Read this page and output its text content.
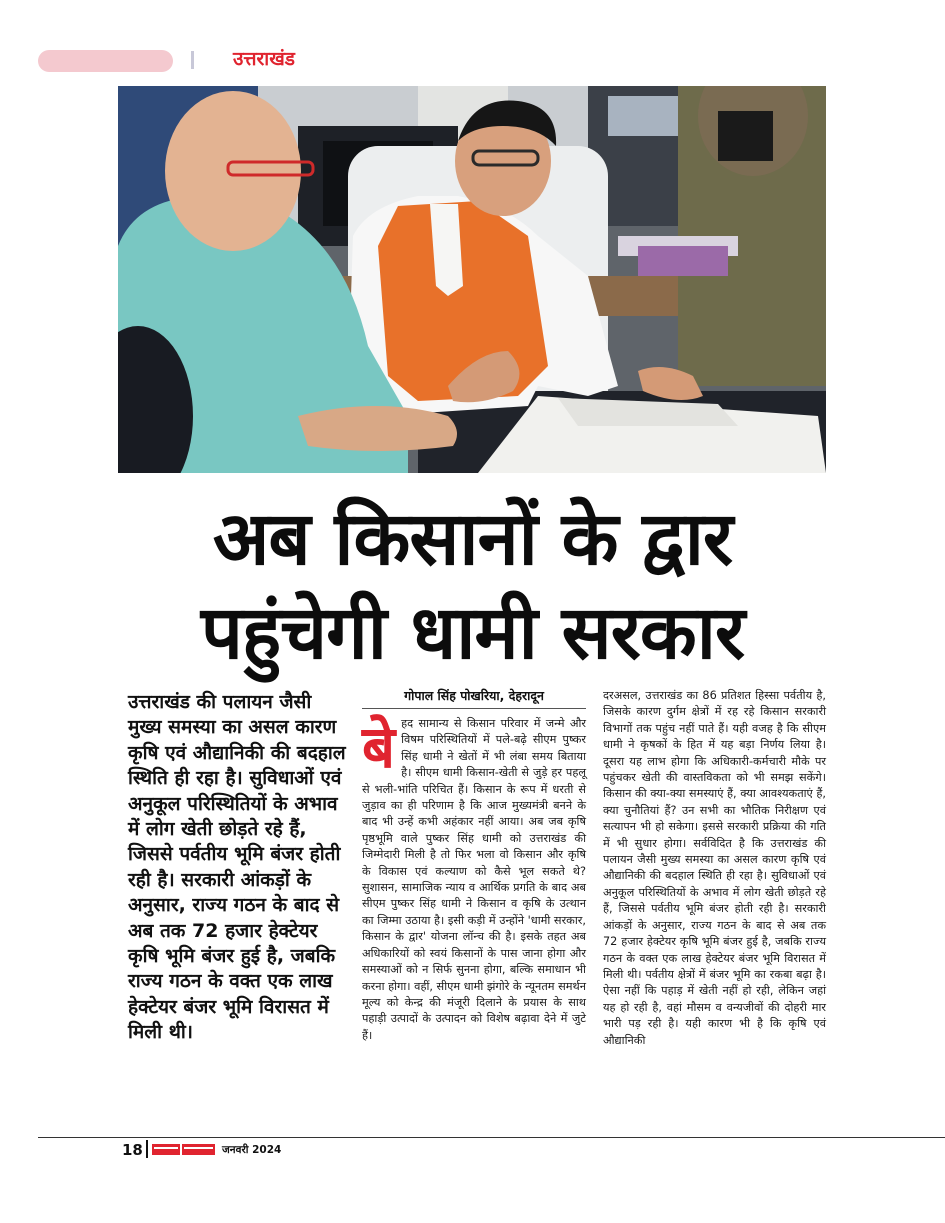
उत्तराखंड
अब किसानों के द्वार
पहुंचेगी धामी सरकार
उत्तराखंड की पलायन जैसी मुख्य समस्या का असल कारण कृषि एवं औद्यानिकी की बदहाल स्थिति ही रहा है। सुविधाओं एवं अनुकूल परिस्थितियों के अभाव में लोग खेती छोड़ते रहे हैं, जिससे पर्वतीय भूमि बंजर होती रही है। सरकारी आंकड़ों के अनुसार, राज्य गठन के बाद से अब तक 72 हजार हेक्टेयर कृषि भूमि बंजर हुई है, जबकि राज्य गठन के वक्त एक लाख हेक्टेयर बंजर भूमि विरासत में मिली थी।
गोपाल सिंह पोखरिया, देहरादून
बे हद सामान्य से किसान परिवार में जन्मे और विषम परिस्थितियों में पले-बढ़े सीएम पुष्कर सिंह धामी ने खेतों में भी लंबा समय बिताया है। सीएम धामी किसान-खेती से जुड़े हर पहलू से भली-भांति परिचित हैं। किसान के रूप में धरती से जुड़ाव का ही परिणाम है कि आज मुख्यमंत्री बनने के बाद भी उन्हें कभी अहंकार नहीं आया। अब जब कृषि पृष्ठभूमि वाले पुष्कर सिंह धामी को उत्तराखंड की जिम्मेदारी मिली है तो फिर भला वो किसान और कृषि के विकास एवं कल्याण को कैसे भूल सकते थे? सुशासन, सामाजिक न्याय व आर्थिक प्रगति के बाद अब सीएम पुष्कर सिंह धामी ने किसान व कृषि के उत्थान का जिम्मा उठाया है। इसी कड़ी में उन्होंने 'धामी सरकार, किसान के द्वार' योजना लॉन्च की है। इसके तहत अब अधिकारियों को स्वयं किसानों के पास जाना होगा और समस्याओं को न सिर्फ सुनना होगा, बल्कि समाधान भी करना होगा। वहीं, सीएम धामी झंगोरे के न्यूनतम समर्थन मूल्य को केन्द्र की मंजूरी दिलाने के प्रयास के साथ पहाड़ी उत्पादों के उत्पादन को विशेष बढ़ावा देने में जुटे हैं।
दरअसल, उत्तराखंड का 86 प्रतिशत हिस्सा पर्वतीय है, जिसके कारण दुर्गम क्षेत्रों में रह रहे किसान सरकारी विभागों तक पहुंच नहीं पाते हैं। यही वजह है कि सीएम धामी ने कृषकों के हित में यह बड़ा निर्णय लिया है। दूसरा यह लाभ होगा कि अधिकारी-कर्मचारी मौके पर पहुंचकर खेती की वास्तविकता को भी समझ सकेंगे। किसान की क्या-क्या समस्याएं हैं, क्या आवश्यकताएं हैं, क्या चुनौतियां हैं? उन सभी का भौतिक निरीक्षण एवं सत्यापन भी हो सकेगा। इससे सरकारी प्रक्रिया की गति में भी सुधार होगा। सर्वविदित है कि उत्तराखंड की पलायन जैसी मुख्य समस्या का असल कारण कृषि एवं औद्यानिकी की बदहाल स्थिति ही रहा है। सुविधाओं एवं अनुकूल परिस्थितियों के अभाव में लोग खेती छोड़ते रहे हैं, जिससे पर्वतीय भूमि बंजर होती रही है। सरकारी आंकड़ों के अनुसार, राज्य गठन के बाद से अब तक 72 हजार हेक्टेयर कृषि भूमि बंजर हुई है, जबकि राज्य गठन के वक्त एक लाख हेक्टेयर बंजर भूमि विरासत में मिली थी। पर्वतीय क्षेत्रों में बंजर भूमि का रकबा बढ़ा है। ऐसा नहीं कि पहाड़ में खेती नहीं हो रही, लेकिन जहां यह हो रही है, वहां मौसम व वन्यजीवों की दोहरी मार भारी पड़ रही है। यही कारण भी है कि कृषि एवं औद्यानिकी
18	जनवरी 2024
